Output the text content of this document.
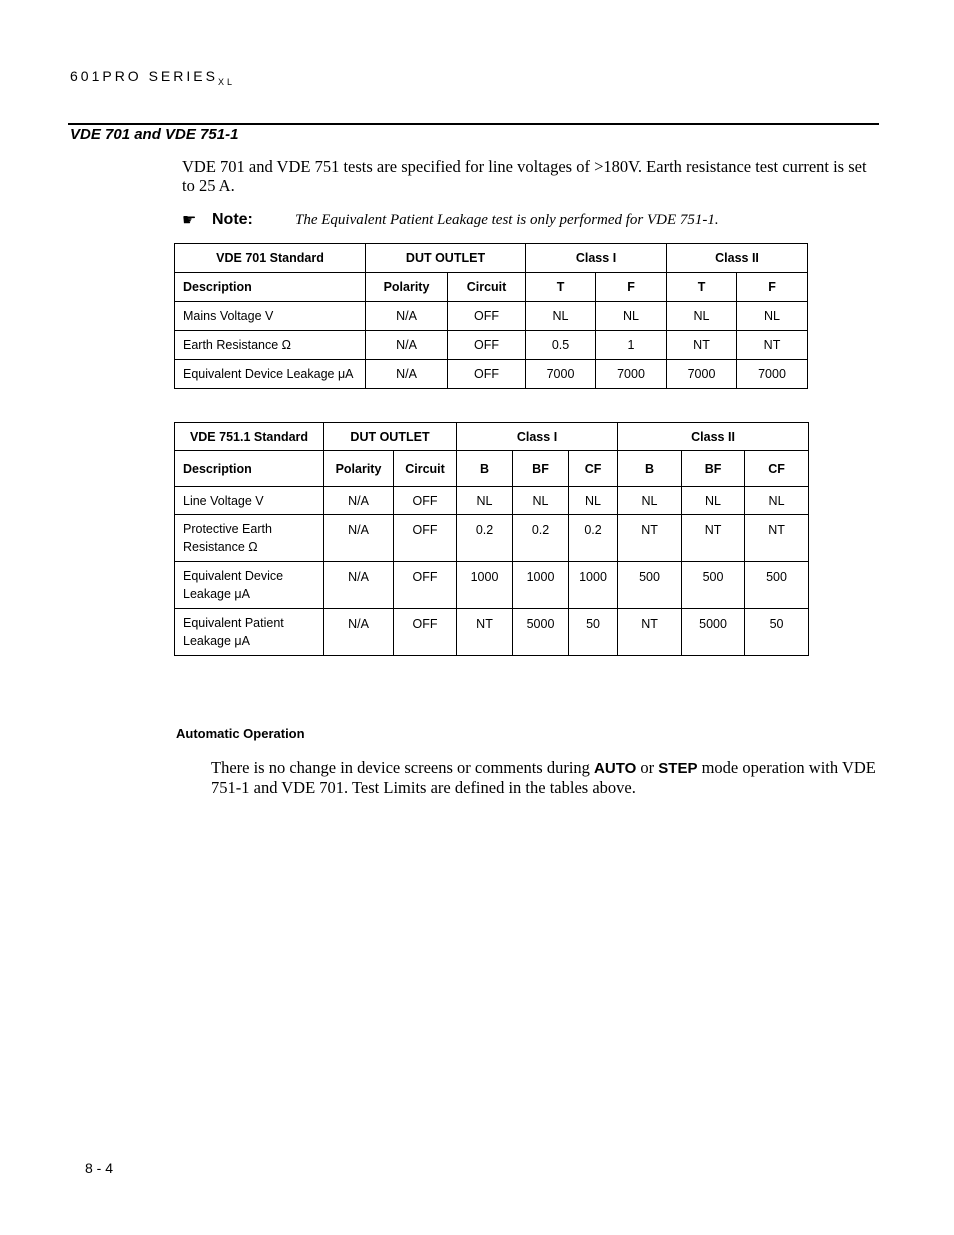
601PRO $SERIES_{XL}$
VDE 701 and VDE 751-1

VDE 701 and VDE 751 tests are specified for line voltages of >180V. Earth resistance test current is set to 25 A.

☛ Note:	The Equivalent Patient Leakage test is only performed for VDE 751-1.
VDE 701 Standard	DUT OUTLET		Class I		Class II	
Description	Polarity	Circuit	T	F	T	F
Mains Voltage V	N/A	OFF	NL	NL	NL	NL
Earth Resistance Ω	N/A	OFF	0.5	1	NT	NT
Equivalent Device Leakage μA	N/A	OFF	7000	7000	7000	7000
VDE 751.1 Standard	DUT OUTLET		Class I			Class II		
Description	Polarity	Circuit	B	BF	CF	B	BF	CF
Line Voltage V	N/A	OFF	NL	NL	NL	NL	NL	NL
Protective Earth Resistance Ω	N/A	OFF	0.2	0.2	0.2	NT	NT	NT
Equivalent Device Leakage μA	N/A	OFF	1000	1000	1000	500	500	500
Equivalent Patient Leakage μA	N/A	OFF	NT	5000	50	NT	5000	50
Automatic Operation

There is no change in device screens or comments during AUTO or STEP mode operation with VDE 751-1 and VDE 701. Test Limits are defined in the tables above.

8 - 4
